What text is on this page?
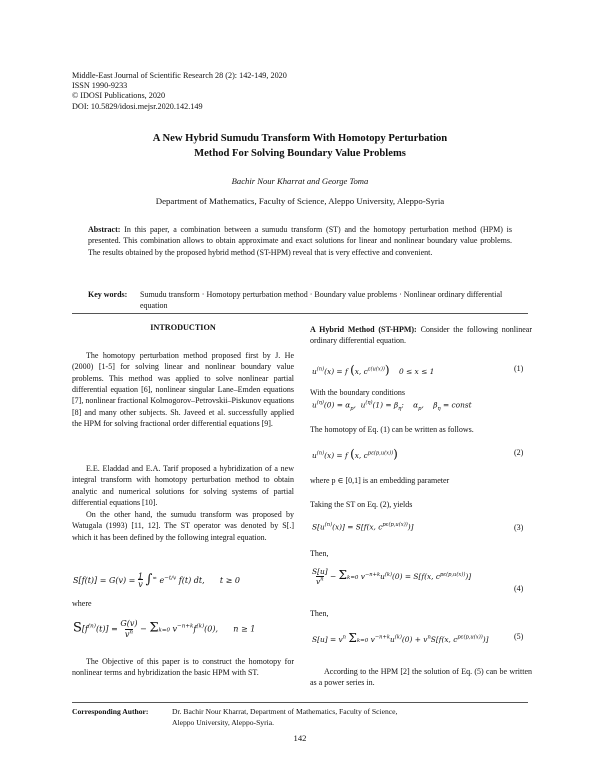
Middle-East Journal of Scientific Research 28 (2): 142-149, 2020
ISSN 1990-9233
© IDOSI Publications, 2020
DOI: 10.5829/idosi.mejsr.2020.142.149
A New Hybrid Sumudu Transform With Homotopy Perturbation
Method For Solving Boundary Value Problems
Bachir Nour Kharrat and George Toma
Department of Mathematics, Faculty of Science, Aleppo University, Aleppo-Syria
Abstract: In this paper, a combination between a sumudu transform (ST) and the homotopy perturbation method (HPM) is presented. This combination allows to obtain approximate and exact solutions for linear and nonlinear boundary value problems. The results obtained by the proposed hybrid method (ST-HPM) reveal that is very effective and convenient.
Key words: Sumudu transform · Homotopy perturbation method · Boundary value problems · Nonlinear ordinary differential equation
INTRODUCTION
The homotopy perturbation method proposed first by J. He (2000) [1-5] for solving linear and nonlinear boundary value problems. This method was applied to solve nonlinear partial differential equation [6], nonlinear singular Lane–Emden equations [7], nonlinear fractional Kolmogorov–Petrovskii–Piskunov equations [8] and many other subjects. Sh. Javeed et al. successfully applied the HPM for solving fractional order differential equations [9].
E.E. Eladdad and E.A. Tarif proposed a hybridization of a new integral transform with homotopy perturbation method to obtain analytic and numerical solutions for solving systems of partial differential equations [10].
On the other hand, the sumudu transform was proposed by Watugala (1993) [11, 12]. The ST operator was denoted by S[.] which it has been defined by the following integral equation.
S[f(t)] = G(v) = 1
v ∫∞ $e^{-t/v}$ f(t) dt,      t ≥ 0
where
$S[f^{(n)}(t)] = G(v)$
$v^n - \Sigma k=0$ $v^{-n+k}f^{(k)}(0)$,      n ≥ 1
The Objective of this paper is to construct the homotopy for nonlinear terms and hybridization the basic HPM with ST.
A Hybrid Method (ST-HPM): Consider the following nonlinear ordinary differential equation.
$u^{(n)}(x) = f$ (x, $c^{\varepsilon(u(x))}$)    0 ≤ x ≤ 1	(1)
With the boundary conditions
$u^{(\eta)}(0) = \alpha_p$,  $u^{(\eta)}(1) = \beta_\eta$;    $\alpha_p$,    $\beta_\eta$ = const
The homotopy of Eq. (1) can be written as follows.
$u^{(n)}(x) = f$ (x, $c^{p\varepsilon(p,u(x))}$)	(2)
where p ∈ [0,1] is an embedding parameter
Taking the ST on Eq. (2), yields
$S[u^{(n)}(x)] = S[f(x$, $c^{p\varepsilon(p,u(x))}$)]	(3)
Then,
S[u]
$v^n - \Sigma k=0$ $v^{-n+k}u^{(k)}(0) = S[f(x$, $c^{p\varepsilon(p,u(x))}$)]
(4)
Then,
$S[u] = v^n$ Σk=0 $v^{-n+k}u^{(k)}(0) + v^nS[f(x$, $c^{p\varepsilon(p,u(x))}$)]	(5)
According to the HPM [2] the solution of Eq. (5) can be written as a power series in.
Corresponding Author:	Dr. Bachir Nour Kharrat, Department of Mathematics, Faculty of Science,
Aleppo University, Aleppo-Syria.
142
